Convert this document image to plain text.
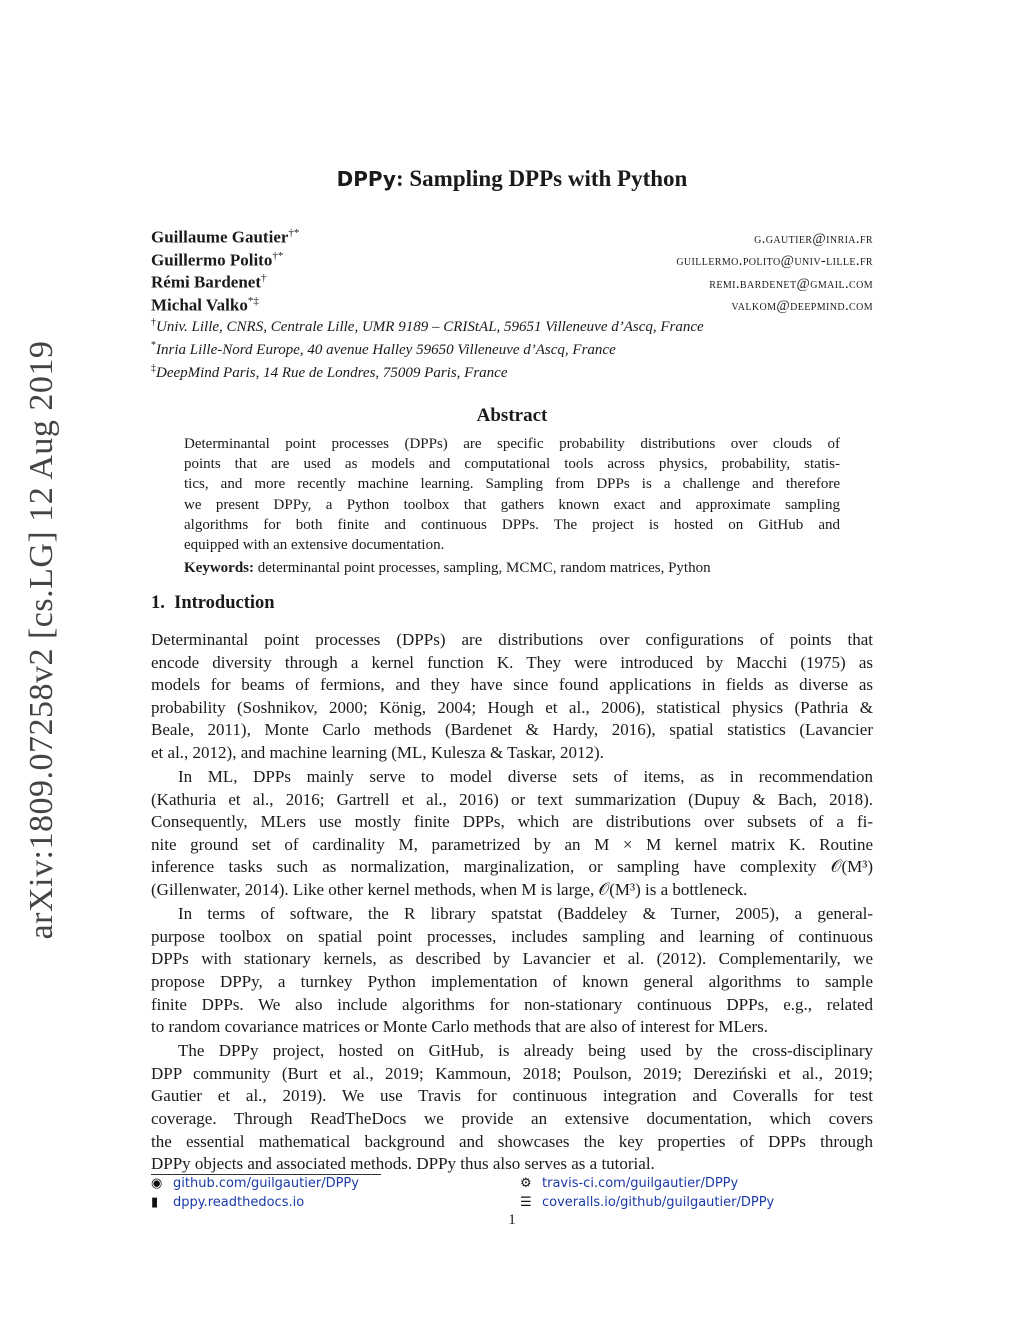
arXiv:1809.07258v2 [cs.LG] 12 Aug 2019
DPPy: Sampling DPPs with Python
Guillaume Gautier†*	g.gautier@inria.fr
Guillermo Polito†*	guillermo.polito@univ-lille.fr
Rémi Bardenet†	remi.bardenet@gmail.com
Michal Valko*‡	valkom@deepmind.com
†Univ. Lille, CNRS, Centrale Lille, UMR 9189 – CRIStAL, 59651 Villeneuve d’Ascq, France
*Inria Lille-Nord Europe, 40 avenue Halley 59650 Villeneuve d’Ascq, France
‡DeepMind Paris, 14 Rue de Londres, 75009 Paris, France
Abstract
Determinantal point processes (DPPs) are specific probability distributions over clouds of
points that are used as models and computational tools across physics, probability, statis-
tics, and more recently machine learning. Sampling from DPPs is a challenge and therefore
we present DPPy, a Python toolbox that gathers known exact and approximate sampling
algorithms for both finite and continuous DPPs. The project is hosted on GitHub and
equipped with an extensive documentation.
Keywords: determinantal point processes, sampling, MCMC, random matrices, Python
1. Introduction
Determinantal point processes (DPPs) are distributions over configurations of points that
encode diversity through a kernel function K. They were introduced by Macchi (1975) as
models for beams of fermions, and they have since found applications in fields as diverse as
probability (Soshnikov, 2000; König, 2004; Hough et al., 2006), statistical physics (Pathria &
Beale, 2011), Monte Carlo methods (Bardenet & Hardy, 2016), spatial statistics (Lavancier
et al., 2012), and machine learning (ML, Kulesza & Taskar, 2012).
In ML, DPPs mainly serve to model diverse sets of items, as in recommendation
(Kathuria et al., 2016; Gartrell et al., 2016) or text summarization (Dupuy & Bach, 2018).
Consequently, MLers use mostly finite DPPs, which are distributions over subsets of a fi-
nite ground set of cardinality M, parametrized by an M × M kernel matrix K. Routine
inference tasks such as normalization, marginalization, or sampling have complexity 𝒪(M³)
(Gillenwater, 2014). Like other kernel methods, when M is large, 𝒪(M³) is a bottleneck.
In terms of software, the R library spatstat (Baddeley & Turner, 2005), a general-
purpose toolbox on spatial point processes, includes sampling and learning of continuous
DPPs with stationary kernels, as described by Lavancier et al. (2012). Complementarily, we
propose DPPy, a turnkey Python implementation of known general algorithms to sample
finite DPPs. We also include algorithms for non-stationary continuous DPPs, e.g., related
to random covariance matrices or Monte Carlo methods that are also of interest for MLers.
The DPPy project, hosted on GitHub, is already being used by the cross-disciplinary
DPP community (Burt et al., 2019; Kammoun, 2018; Poulson, 2019; Dereziński et al., 2019;
Gautier et al., 2019). We use Travis for continuous integration and Coveralls for test
coverage. Through ReadTheDocs we provide an extensive documentation, which covers
the essential mathematical background and showcases the key properties of DPPs through
DPPy objects and associated methods. DPPy thus also serves as a tutorial.
◉ github.com/guilgautier/DPPy	⚙ travis-ci.com/guilgautier/DPPy
▮ dppy.readthedocs.io	☰ coveralls.io/github/guilgautier/DPPy
1
